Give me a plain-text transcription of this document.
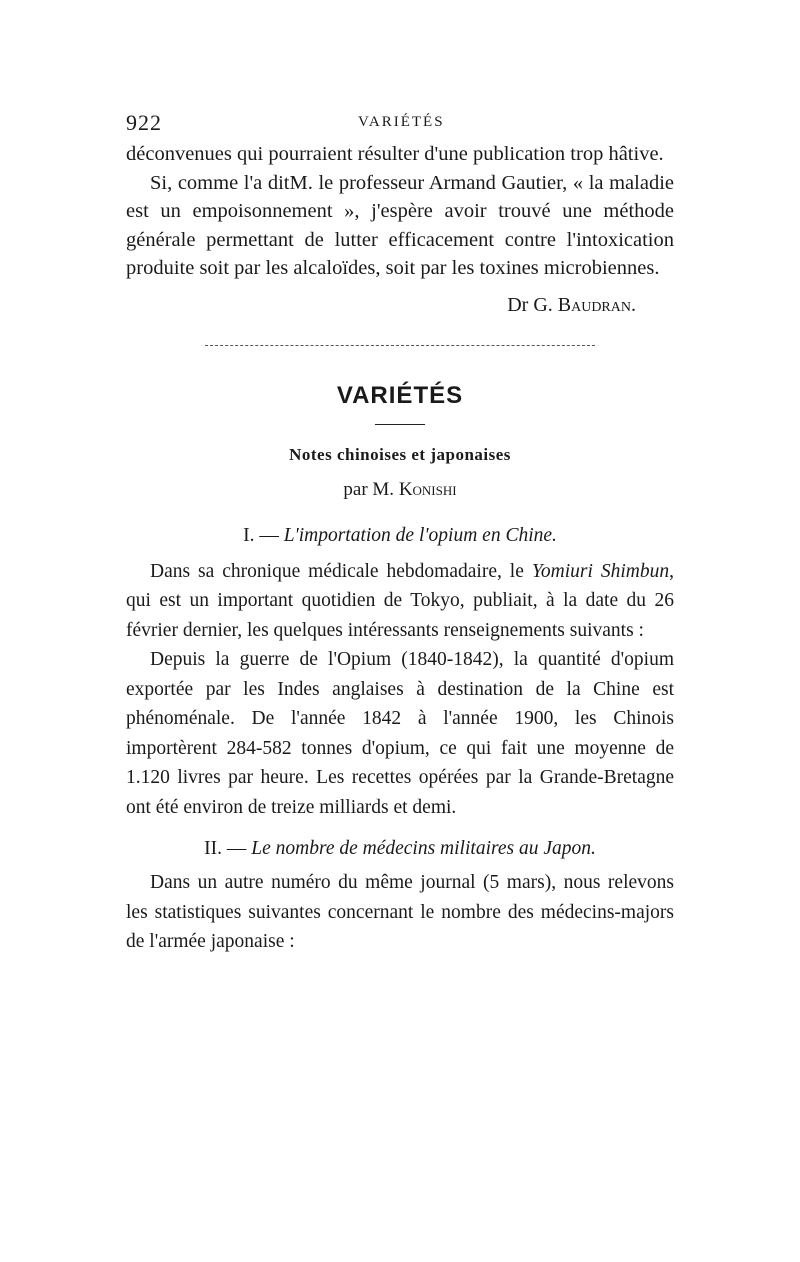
922	VARIÉTÉS

déconvenues qui pourraient résulter d'une publication trop hâtive.

Si, comme l'a ditM. le professeur Armand Gautier, « la maladie est un empoisonnement », j'espère avoir trouvé une méthode générale permettant de lutter efficacement contre l'intoxication produite soit par les alcaloïdes, soit par les toxines microbiennes.

Dr G. Baudran.
VARIÉTÉS
Notes chinoises et japonaises
par M. Konishi
I. — L'importation de l'opium en Chine.

Dans sa chronique médicale hebdomadaire, le Yomiuri Shimbun, qui est un important quotidien de Tokyo, publiait, à la date du 26 février dernier, les quelques intéressants renseignements suivants :

Depuis la guerre de l'Opium (1840-1842), la quantité d'opium exportée par les Indes anglaises à destination de la Chine est phénoménale. De l'année 1842 à l'année 1900, les Chinois importèrent 284-582 tonnes d'opium, ce qui fait une moyenne de 1.120 livres par heure. Les recettes opérées par la Grande-Bretagne ont été environ de treize milliards et demi.

II. — Le nombre de médecins militaires au Japon.

Dans un autre numéro du même journal (5 mars), nous relevons les statistiques suivantes concernant le nombre des médecins-majors de l'armée japonaise :
